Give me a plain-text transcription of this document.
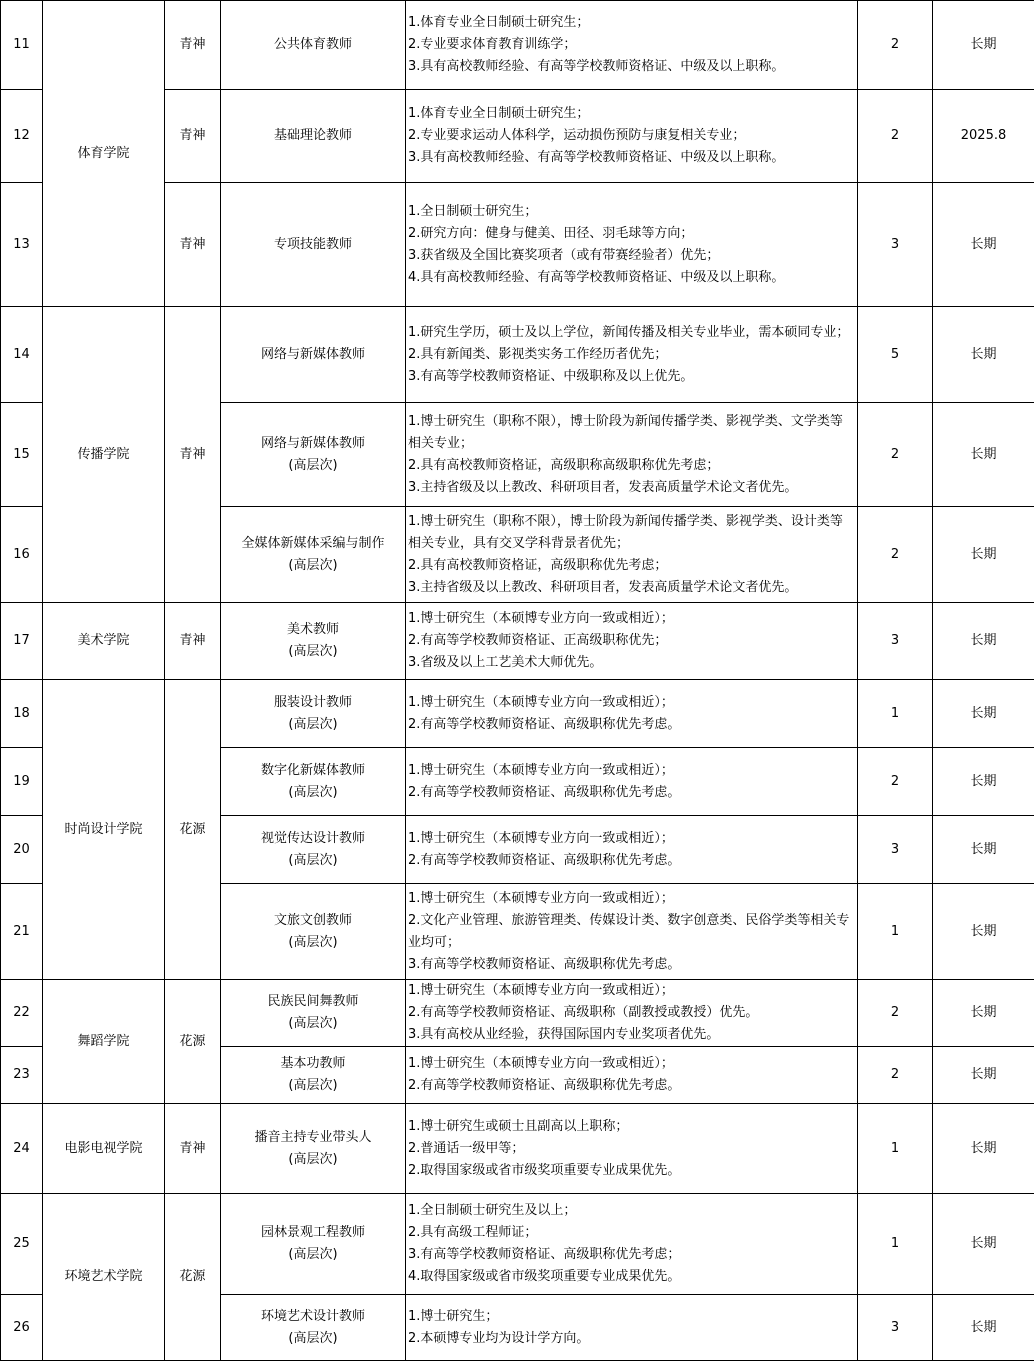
11	体育学院	青神	公共体育教师	1.体育专业全日制硕士研究生；
2.专业要求体育教育训练学；
3.具有高校教师经验、有高等学校教师资格证、中级及以上职称。	2	长期
12		青神	基础理论教师	1.体育专业全日制硕士研究生；
2.专业要求运动人体科学，运动损伤预防与康复相关专业；
3.具有高校教师经验、有高等学校教师资格证、中级及以上职称。	2	2025.8
13		青神	专项技能教师	1.全日制硕士研究生；
2.研究方向：健身与健美、田径、羽毛球等方向；
3.获省级及全国比赛奖项者（或有带赛经验者）优先；
4.具有高校教师经验、有高等学校教师资格证、中级及以上职称。	3	长期
14	传播学院	青神	网络与新媒体教师	1.研究生学历，硕士及以上学位，新闻传播及相关专业毕业，需本硕同专业；
2.具有新闻类、影视类实务工作经历者优先；
3.有高等学校教师资格证、中级职称及以上优先。	5	长期
15			网络与新媒体教师
(高层次)	1.博士研究生（职称不限），博士阶段为新闻传播学类、影视学类、文学类等
相关专业；
2.具有高校教师资格证，高级职称高级职称优先考虑；
3.主持省级及以上教改、科研项目者，发表高质量学术论文者优先。	2	长期
16			全媒体新媒体采编与制作
(高层次)	1.博士研究生（职称不限），博士阶段为新闻传播学类、影视学类、设计类等
相关专业，具有交叉学科背景者优先；
2.具有高校教师资格证，高级职称优先考虑；
3.主持省级及以上教改、科研项目者，发表高质量学术论文者优先。	2	长期
17	美术学院	青神	美术教师
(高层次)	1.博士研究生（本硕博专业方向一致或相近）；
2.有高等学校教师资格证、正高级职称优先；
3.省级及以上工艺美术大师优先。	3	长期
18	时尚设计学院	花源	服装设计教师
(高层次)	1.博士研究生（本硕博专业方向一致或相近）；
2.有高等学校教师资格证、高级职称优先考虑。	1	长期
19			数字化新媒体教师
(高层次)	1.博士研究生（本硕博专业方向一致或相近）；
2.有高等学校教师资格证、高级职称优先考虑。	2	长期
20			视觉传达设计教师
(高层次)	1.博士研究生（本硕博专业方向一致或相近）；
2.有高等学校教师资格证、高级职称优先考虑。	3	长期
21			文旅文创教师
(高层次)	1.博士研究生（本硕博专业方向一致或相近）；
2.文化产业管理、旅游管理类、传媒设计类、数字创意类、民俗学类等相关专
业均可；
3.有高等学校教师资格证、高级职称优先考虑。	1	长期
22	舞蹈学院	花源	民族民间舞教师
(高层次)	1.博士研究生（本硕博专业方向一致或相近）；
2.有高等学校教师资格证、高级职称（副教授或教授）优先。
3.具有高校从业经验，获得国际国内专业奖项者优先。	2	长期
23			基本功教师
(高层次)	1.博士研究生（本硕博专业方向一致或相近）；
2.有高等学校教师资格证、高级职称优先考虑。	2	长期
24	电影电视学院	青神	播音主持专业带头人
(高层次)	1.博士研究生或硕士且副高以上职称；
2.普通话一级甲等；
2.取得国家级或省市级奖项重要专业成果优先。	1	长期
25	环境艺术学院	花源	园林景观工程教师
(高层次)	1.全日制硕士研究生及以上；
2.具有高级工程师证；
3.有高等学校教师资格证、高级职称优先考虑；
4.取得国家级或省市级奖项重要专业成果优先。	1	长期
26			环境艺术设计教师
(高层次)	1.博士研究生；
2.本硕博专业均为设计学方向。	3	长期
